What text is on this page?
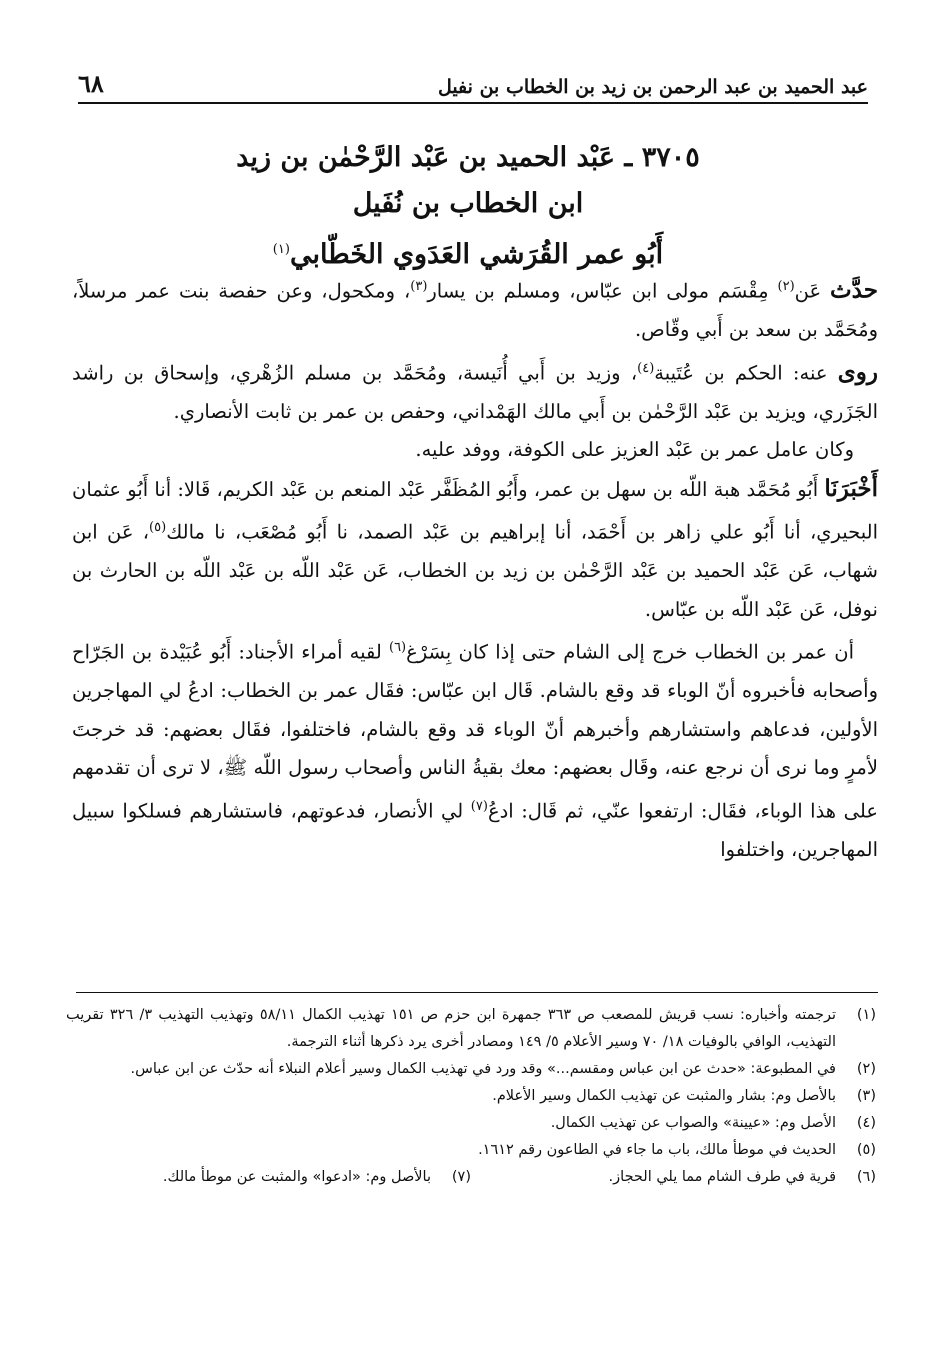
عبد الحميد بن عبد الرحمن بن زيد بن الخطاب بن نفيل
٦٨
٣٧٠٥ ـ عَبْد الحميد بن عَبْد الرَّحْمٰن بن زيد
ابن الخطاب بن نُفَيل
أَبُو عمر القُرَشي العَدَوي الخَطّابي$^{(١)}$

حدَّث عَن$^{(٢)}$ مِقْسَم مولى ابن عبّاس، ومسلم بن يسار$^{(٣)}$، ومكحول، وعن حفصة بنت عمر مرسلاً، ومُحَمَّد بن سعد بن أَبي وقّاص.

روى عنه: الحكم بن عُتَيبة$^{(٤)}$، وزيد بن أَبي أُنَيسة، ومُحَمَّد بن مسلم الزُهْري، وإسحاق بن راشد الجَزَري، ويزيد بن عَبْد الرَّحْمٰن بن أَبي مالك الهَمْداني، وحفص بن عمر بن ثابت الأنصاري.

وكان عامل عمر بن عَبْد العزيز على الكوفة، ووفد عليه.

أَخْبَرَنَا أَبُو مُحَمَّد هبة اللّه بن سهل بن عمر، وأَبُو المُظَفَّر عَبْد المنعم بن عَبْد الكريم، قَالا: أنا أَبُو عثمان البحيري، أنا أَبُو علي زاهر بن أَحْمَد، أنا إبراهيم بن عَبْد الصمد، نا أَبُو مُصْعَب، نا مالك$^{(٥)}$، عَن ابن شهاب، عَن عَبْد الحميد بن عَبْد الرَّحْمٰن بن زيد بن الخطاب، عَن عَبْد اللّه بن عَبْد اللّه بن الحارث بن نوفل، عَن عَبْد اللّه بن عبّاس.

أن عمر بن الخطاب خرج إلى الشام حتى إذا كان بِسَرْغ$^{(٦)}$ لقيه أمراء الأجناد: أَبُو عُبَيْدة بن الجَرّاح وأصحابه فأخبروه أنّ الوباء قد وقع بالشام. قَال ابن عبّاس: فقَال عمر بن الخطاب: ادعُ لي المهاجرين الأولين، فدعاهم واستشارهم وأخبرهم أنّ الوباء قد وقع بالشام، فاختلفوا، فقَال بعضهم: قد خرجتَ لأمرٍ وما نرى أن نرجع عنه، وقَال بعضهم: معك بقيةُ الناس وأصحاب رسول اللّه ﷺ، لا ترى أن تقدمهم على هذا الوباء، فقَال: ارتفعوا عنّي، ثم قَال: ادعُ$^{(٧)}$ لي الأنصار، فدعوتهم، فاستشارهم فسلكوا سبيل المهاجرين، واختلفوا

(١)
ترجمته وأخباره: نسب قريش للمصعب ص ٣٦٣ جمهرة ابن حزم ص ١٥١ تهذيب الكمال ٥٨/١١ وتهذيب التهذيب ٣/ ٣٢٦ تقريب التهذيب، الوافي بالوفيات ١٨/ ٧٠ وسير الأعلام ٥/ ١٤٩ ومصادر أخرى يرد ذكرها أثناء الترجمة.
(٢)
في المطبوعة: «حدث عن ابن عباس ومقسم...» وقد ورد في تهذيب الكمال وسير أعلام النبلاء أنه حدّث عن ابن عباس.
(٣)
بالأصل وم: بشار والمثبت عن تهذيب الكمال وسير الأعلام.
(٤)
الأصل وم: «عيينة» والصواب عن تهذيب الكمال.
(٥)
الحديث في موطأ مالك، باب ما جاء في الطاعون رقم ١٦١٢.
(٦)
قرية في طرف الشام مما يلي الحجاز.
(٧)
بالأصل وم: «ادعوا» والمثبت عن موطأ مالك.
